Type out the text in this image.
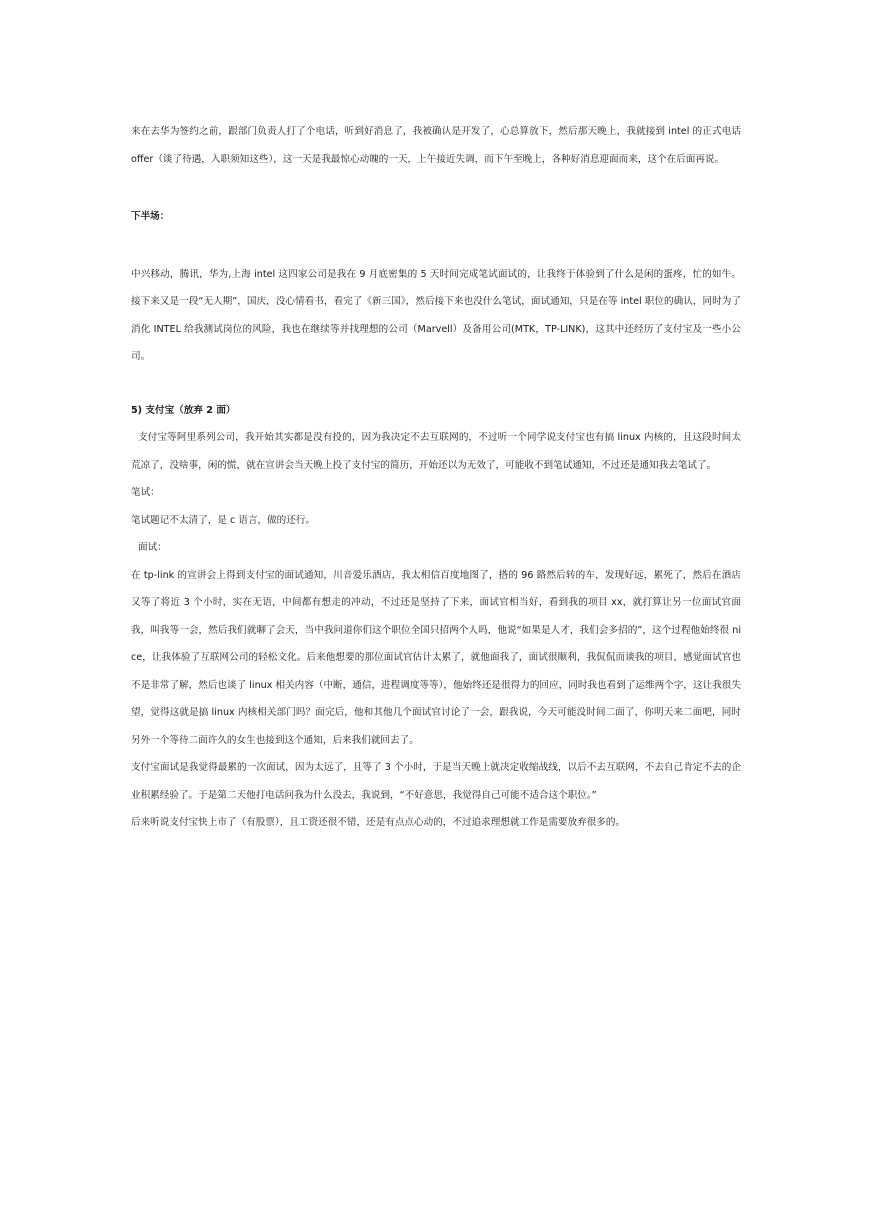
来在去华为签约之前，跟部门负责人打了个电话，听到好消息了，我被确认是开发了，心总算放下，然后那天晚上，我就接到 intel 的正式电话 offer（谈了待遇，入职须知这些），这一天是我最惊心动魄的一天，上午接近失调，而下午至晚上，各种好消息迎面而来，这个在后面再说。

下半场：

中兴移动，腾讯，华为,上海 intel 这四家公司是我在 9 月底密集的 5 天时间完成笔试面试的，让我终于体验到了什么是闲的蛋疼，忙的如牛。接下来又是一段“无人期”，国庆，没心情看书，看完了《新三国》，然后接下来也没什么笔试，面试通知，只是在等 intel 职位的确认，同时为了消化 INTEL 给我测试岗位的风险，我也在继续等并找理想的公司（Marvell）及备用公司(MTK，TP-LINK)，这其中还经历了支付宝及一些小公司。

5) 支付宝（放弃 2 面）

支付宝等阿里系列公司，我开始其实都是没有投的，因为我决定不去互联网的，不过听一个同学说支付宝也有搞 linux 内核的，且这段时间太荒凉了，没啥事，闲的慌，就在宣讲会当天晚上投了支付宝的简历，开始还以为无效了，可能收不到笔试通知，不过还是通知我去笔试了。

笔试：

笔试题记不太清了，是 c 语言，做的还行。

面试：

在 tp-link 的宣讲会上得到支付宝的面试通知，川音爱乐酒店，我太相信百度地图了，搭的 96 路然后转的车，发现好远，累死了，然后在酒店又等了将近 3 个小时，实在无语，中间都有想走的冲动，不过还是坚持了下来，面试官相当好，看到我的项目 xx，就打算让另一位面试官面我，叫我等一会，然后我们就聊了会天，当中我问道你们这个职位全国只招两个人吗，他说“如果是人才，我们会多招的”，这个过程他始终很 nice，让我体验了互联网公司的轻松文化。后来他想要的那位面试官估计太累了，就他面我了，面试很顺利，我侃侃而谈我的项目，感觉面试官也不是非常了解，然后也谈了 linux 相关内容（中断，通信，进程调度等等），他始终还是很得力的回应，同时我也看到了运维两个字，这让我很失望，觉得这就是搞 linux 内核相关部门吗？面完后，他和其他几个面试官讨论了一会，跟我说，今天可能没时间二面了，你明天来二面吧，同时另外一个等待二面许久的女生也接到这个通知，后来我们就回去了。

支付宝面试是我觉得最累的一次面试，因为太远了，且等了 3 个小时，于是当天晚上就决定收缩战线，以后不去互联网，不去自己肯定不去的企业积累经验了。于是第二天他打电话问我为什么没去，我说到，“不好意思，我觉得自己可能不适合这个职位。”

后来听说支付宝快上市了（有股票），且工资还很不错，还是有点点心动的，不过追求理想就工作是需要放弃很多的。
